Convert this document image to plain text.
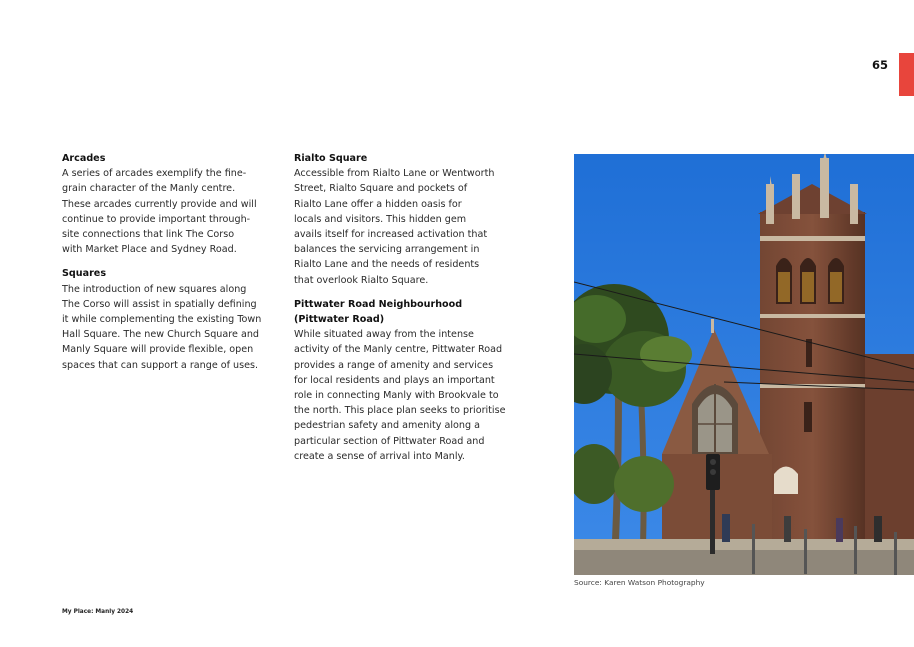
65
Arcades
A series of arcades exemplify the fine-
grain character of the Manly centre.
These arcades currently provide and will
continue to provide important through-
site connections that link The Corso
with Market Place and Sydney Road.
Squares
The introduction of new squares along
The Corso will assist in spatially defining
it while complementing the existing Town
Hall Square. The new Church Square and
Manly Square will provide flexible, open
spaces that can support a range of uses.
Rialto Square
Accessible from Rialto Lane or Wentworth
Street, Rialto Square and pockets of
Rialto Lane offer a hidden oasis for
locals and visitors. This hidden gem
avails itself for increased activation that
balances the servicing arrangement in
Rialto Lane and the needs of residents
that overlook Rialto Square.
Pittwater Road Neighbourhood
(Pittwater Road)
While situated away from the intense
activity of the Manly centre, Pittwater Road
provides a range of amenity and services
for local residents and plays an important
role in connecting Manly with Brookvale to
the north. This place plan seeks to prioritise
pedestrian safety and amenity along a
particular section of Pittwater Road and
create a sense of arrival into Manly.
Source: Karen Watson Photography
My Place: Manly 2024
